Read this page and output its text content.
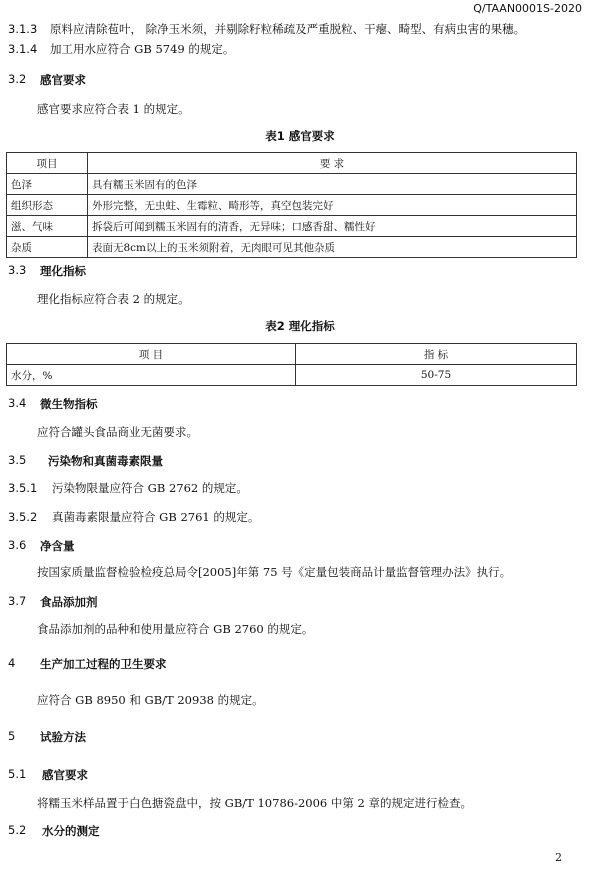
Q/TAAN0001S-2020
3.1.3 原料应清除苞叶， 除净玉米须，并剔除籽粒稀疏及严重脱粒、干瘪、畸型、有病虫害的果穗。
3.1.4 加工用水应符合 GB 5749 的规定。
3.2 感官要求
感官要求应符合表 1 的规定。
表1 感官要求
项目	要 求
色泽	具有糯玉米固有的色泽
组织形态	外形完整，无虫蛀、生霉粒、畸形等，真空包装完好
滋、气味	拆袋后可闻到糯玉米固有的清香，无异味；口感香甜、糯性好
杂质	表面无8cm以上的玉米须附着，无肉眼可见其他杂质
3.3 理化指标
理化指标应符合表 2 的规定。
表2 理化指标
项 目	指 标
水分，%	50-75
3.4 微生物指标
应符合罐头食品商业无菌要求。
3.5 污染物和真菌毒素限量
3.5.1 污染物限量应符合 GB 2762 的规定。
3.5.2 真菌毒素限量应符合 GB 2761 的规定。
3.6 净含量
按国家质量监督检验检疫总局令[2005]年第 75 号《定量包装商品计量监督管理办法》执行。
3.7 食品添加剂
食品添加剂的品种和使用量应符合 GB 2760 的规定。
4 生产加工过程的卫生要求
应符合 GB 8950 和 GB/T 20938 的规定。
5 试验方法
5.1 感官要求
将糯玉米样品置于白色搪瓷盘中，按 GB/T 10786-2006 中第 2 章的规定进行检查。
5.2 水分的测定
2
